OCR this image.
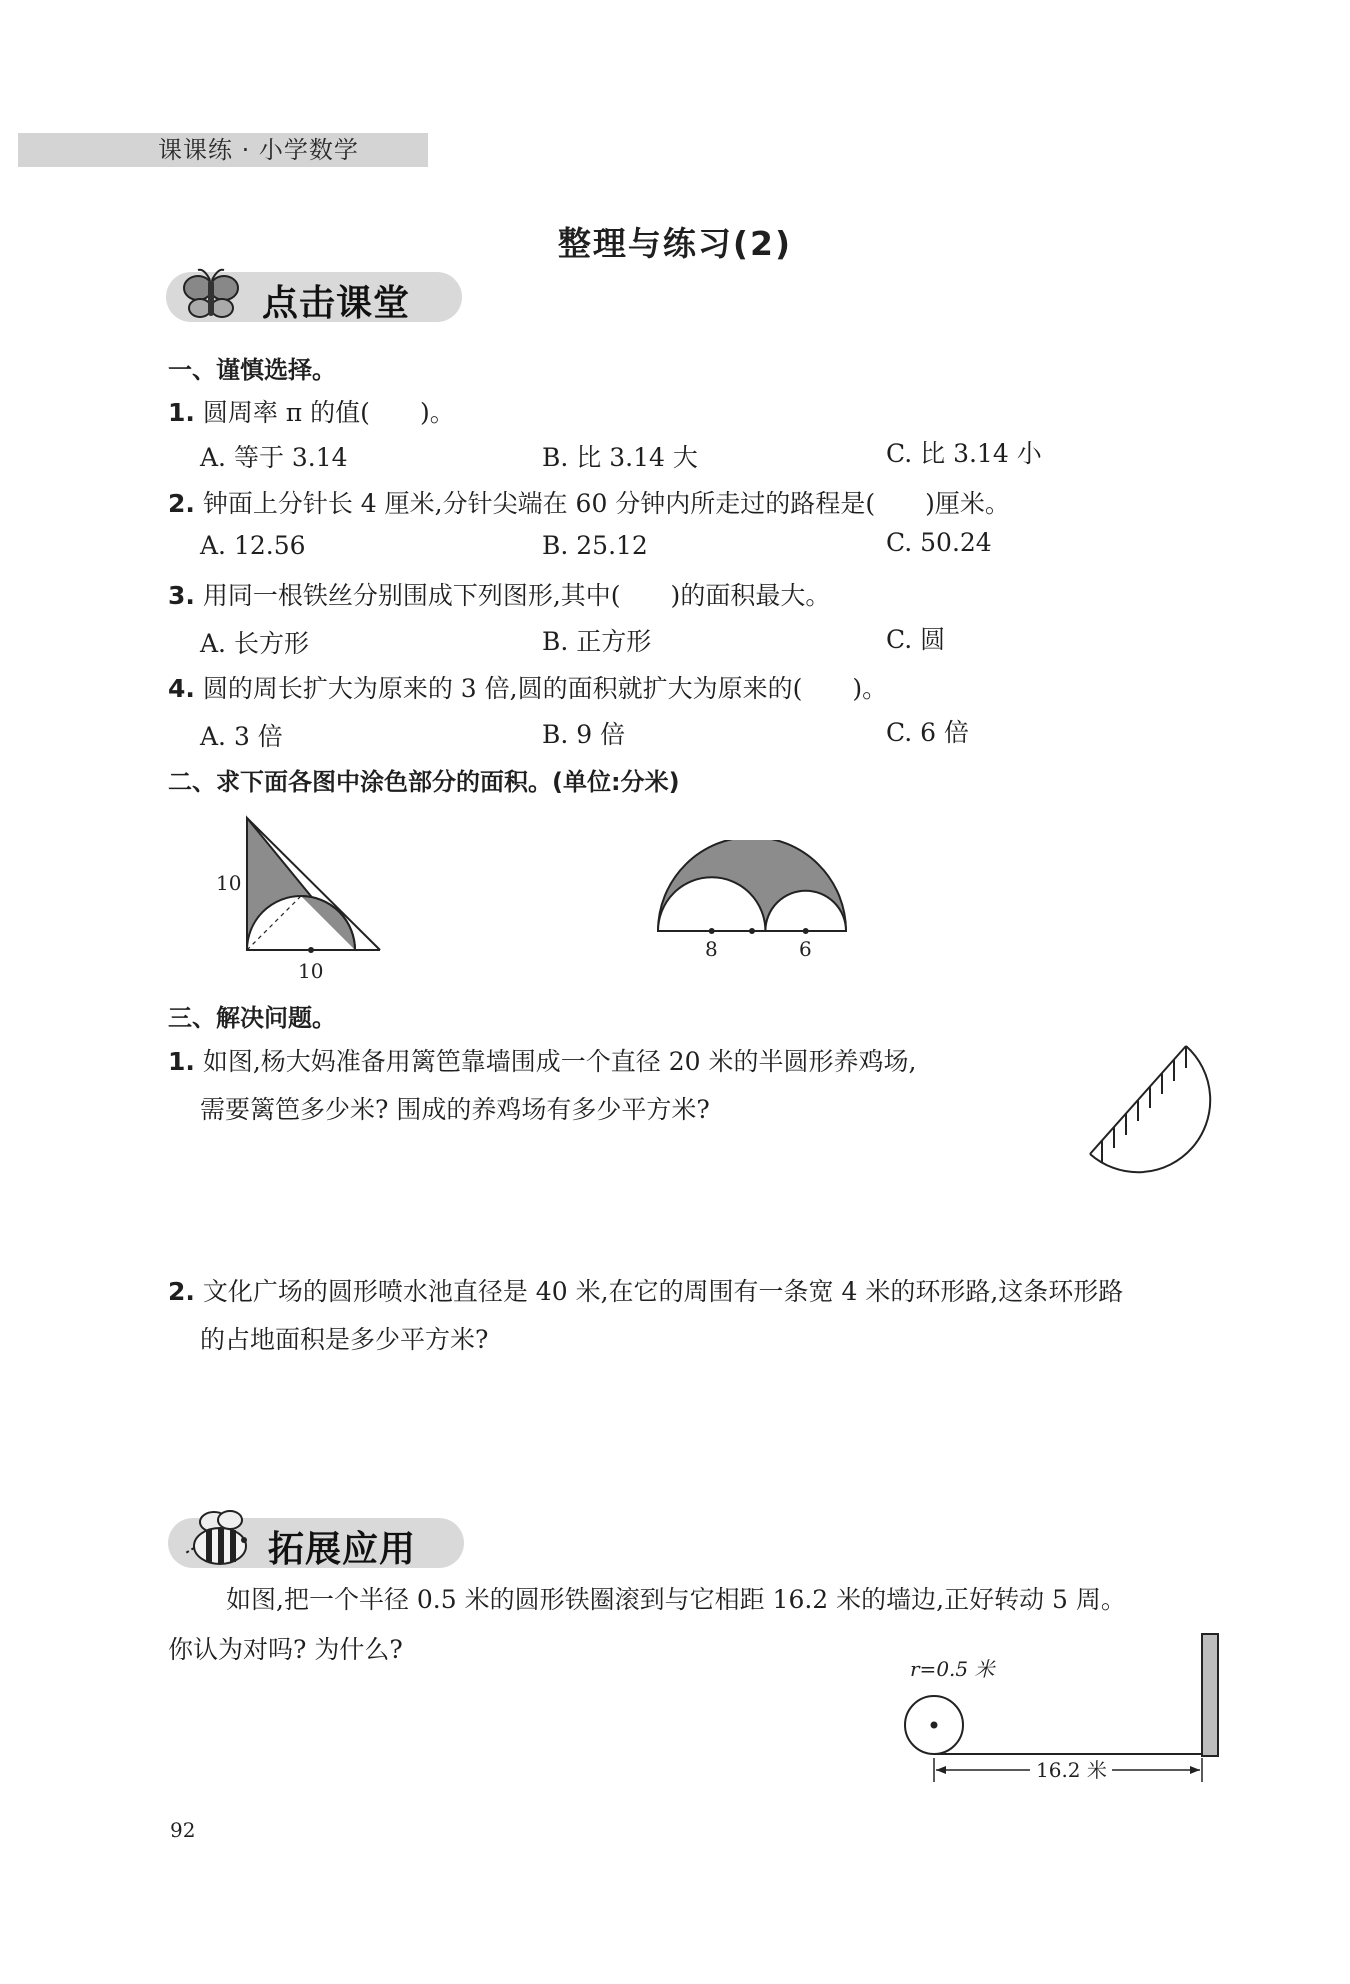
课课练 · 小学数学
整理与练习(2)
点击课堂
一、谨慎选择。
1. 圆周率 π 的值(　　)。
A. 等于 3.14	B. 比 3.14 大	C. 比 3.14 小
2. 钟面上分针长 4 厘米,分针尖端在 60 分钟内所走过的路程是(　　)厘米。
A. 12.56	B. 25.12	C. 50.24
3. 用同一根铁丝分别围成下列图形,其中(　　)的面积最大。
A. 长方形	B. 正方形	C. 圆
4. 圆的周长扩大为原来的 3 倍,圆的面积就扩大为原来的(　　)。
A. 3 倍	B. 9 倍	C. 6 倍
二、求下面各图中涂色部分的面积。(单位:分米)
10
10
8	6
三、解决问题。
1. 如图,杨大妈准备用篱笆靠墙围成一个直径 20 米的半圆形养鸡场,
需要篱笆多少米? 围成的养鸡场有多少平方米?
2. 文化广场的圆形喷水池直径是 40 米,在它的周围有一条宽 4 米的环形路,这条环形路
的占地面积是多少平方米?
拓展应用
如图,把一个半径 0.5 米的圆形铁圈滚到与它相距 16.2 米的墙边,正好转动 5 周。
你认为对吗? 为什么?
r=0.5 米
16.2 米
92
